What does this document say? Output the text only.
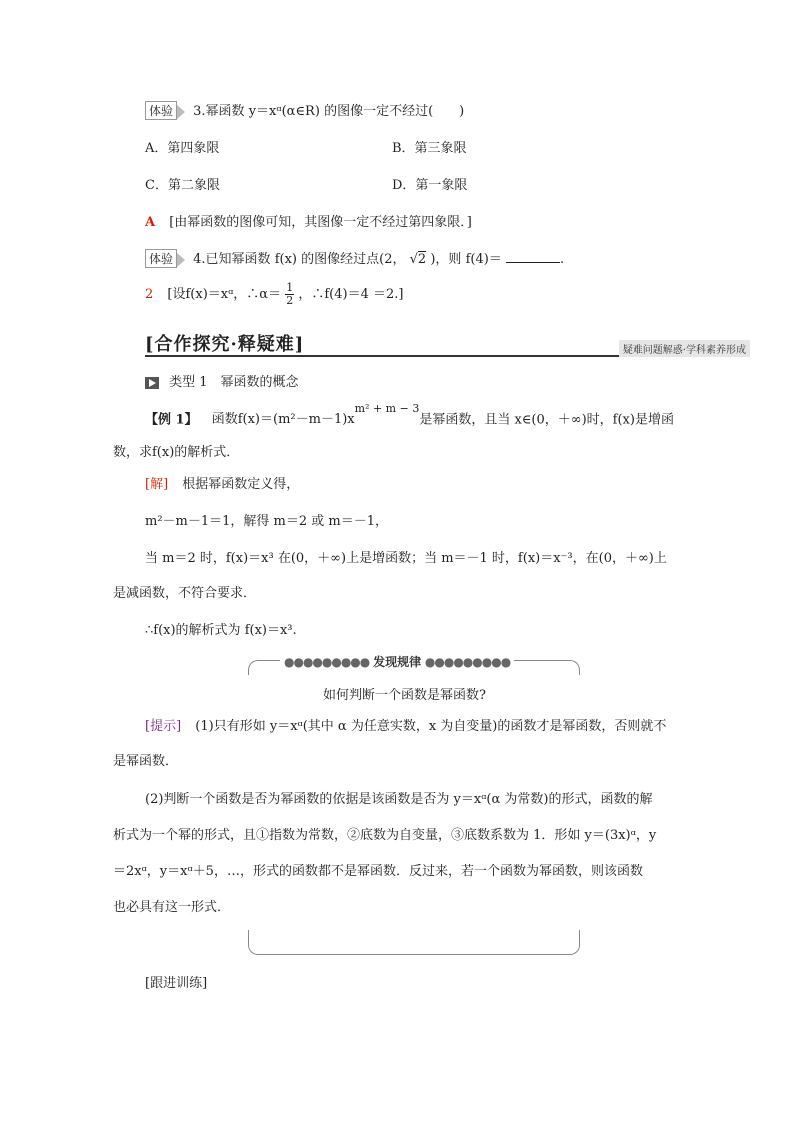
体验 3.幂函数 y＝xᵅ(α∈R) 的图像一定不经过(　　)
A．第四象限	B．第三象限
C．第二象限	D．第一象限
A [由幂函数的图像可知，其图像一定不经过第四象限．]
体验 4.已知幂函数 f(x) 的图像经过点(2， √2 )，则 f(4)＝	.
2 [设f(x)＝xᵅ，∴α＝ $\frac{1}{2}$ ，∴f(4)＝4 ＝2.]
[合作探究·释疑难]	疑难问题解惑·学科素养形成
类型 1　幂函数的概念
【例 1】 函数$f(x)=(m^2-m-1)x^{m^2 + m - 3}$是幂函数，且当 x∈(0，＋∞)时，f(x)是增函
数，求f(x)的解析式．
[解] 根据幂函数定义得，
m²－m－1＝1，解得 m＝2 或 m＝－1，
当 m＝2 时，f(x)＝x³ 在(0，＋∞)上是增函数；当 m＝－1 时，f(x)＝x⁻³，在(0，＋∞)上
是减函数，不符合要求．
∴f(x)的解析式为 f(x)＝x³.
●●●●●●●●● 发现规律 ●●●●●●●●●
如何判断一个函数是幂函数?
[提示] (1)只有形如 y＝xᵅ(其中 α 为任意实数，x 为自变量)的函数才是幂函数，否则就不
是幂函数．
(2)判断一个函数是否为幂函数的依据是该函数是否为 y＝xᵅ(α 为常数)的形式，函数的解
析式为一个幂的形式，且①指数为常数，②底数为自变量，③底数系数为 1．形如 y＝(3x)ᵅ，y
＝2xᵅ，y＝xᵅ＋5，…，形式的函数都不是幂函数．反过来，若一个函数为幂函数，则该函数
也必具有这一形式．
[跟进训练]
